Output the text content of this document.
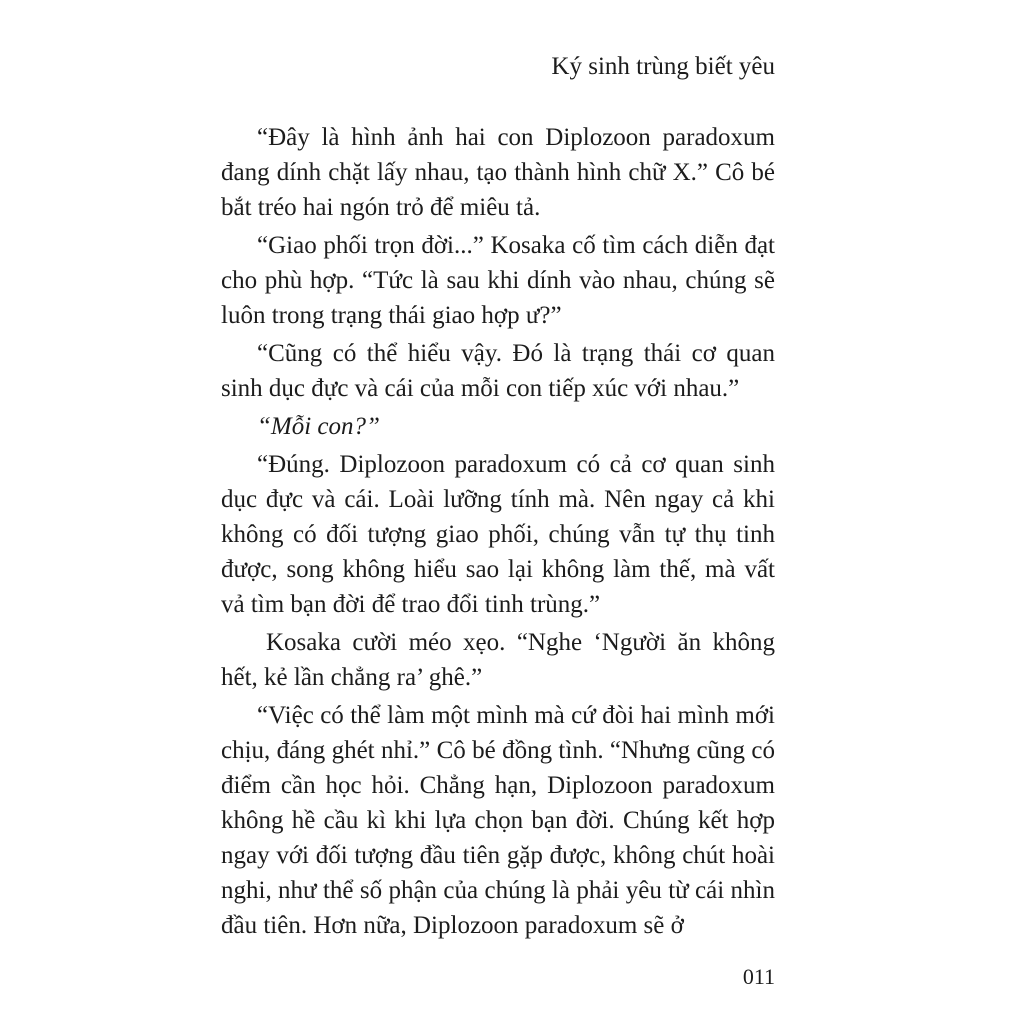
Ký sinh trùng biết yêu

“Đây là hình ảnh hai con Diplozoon paradoxum đang dính chặt lấy nhau, tạo thành hình chữ X.” Cô bé bắt tréo hai ngón trỏ để miêu tả.

“Giao phối trọn đời...” Kosaka cố tìm cách diễn đạt cho phù hợp. “Tức là sau khi dính vào nhau, chúng sẽ luôn trong trạng thái giao hợp ư?”

“Cũng có thể hiểu vậy. Đó là trạng thái cơ quan sinh dục đực và cái của mỗi con tiếp xúc với nhau.”

“Mỗi con?”

“Đúng. Diplozoon paradoxum có cả cơ quan sinh dục đực và cái. Loài lưỡng tính mà. Nên ngay cả khi không có đối tượng giao phối, chúng vẫn tự thụ tinh được, song không hiểu sao lại không làm thế, mà vất vả tìm bạn đời để trao đổi tinh trùng.”

Kosaka cười méo xẹo. “Nghe ‘Người ăn không hết, kẻ lần chẳng ra’ ghê.”

“Việc có thể làm một mình mà cứ đòi hai mình mới chịu, đáng ghét nhỉ.” Cô bé đồng tình. “Nhưng cũng có điểm cần học hỏi. Chẳng hạn, Diplozoon paradoxum không hề cầu kì khi lựa chọn bạn đời. Chúng kết hợp ngay với đối tượng đầu tiên gặp được, không chút hoài nghi, như thể số phận của chúng là phải yêu từ cái nhìn đầu tiên. Hơn nữa, Diplozoon paradoxum sẽ ở

011
